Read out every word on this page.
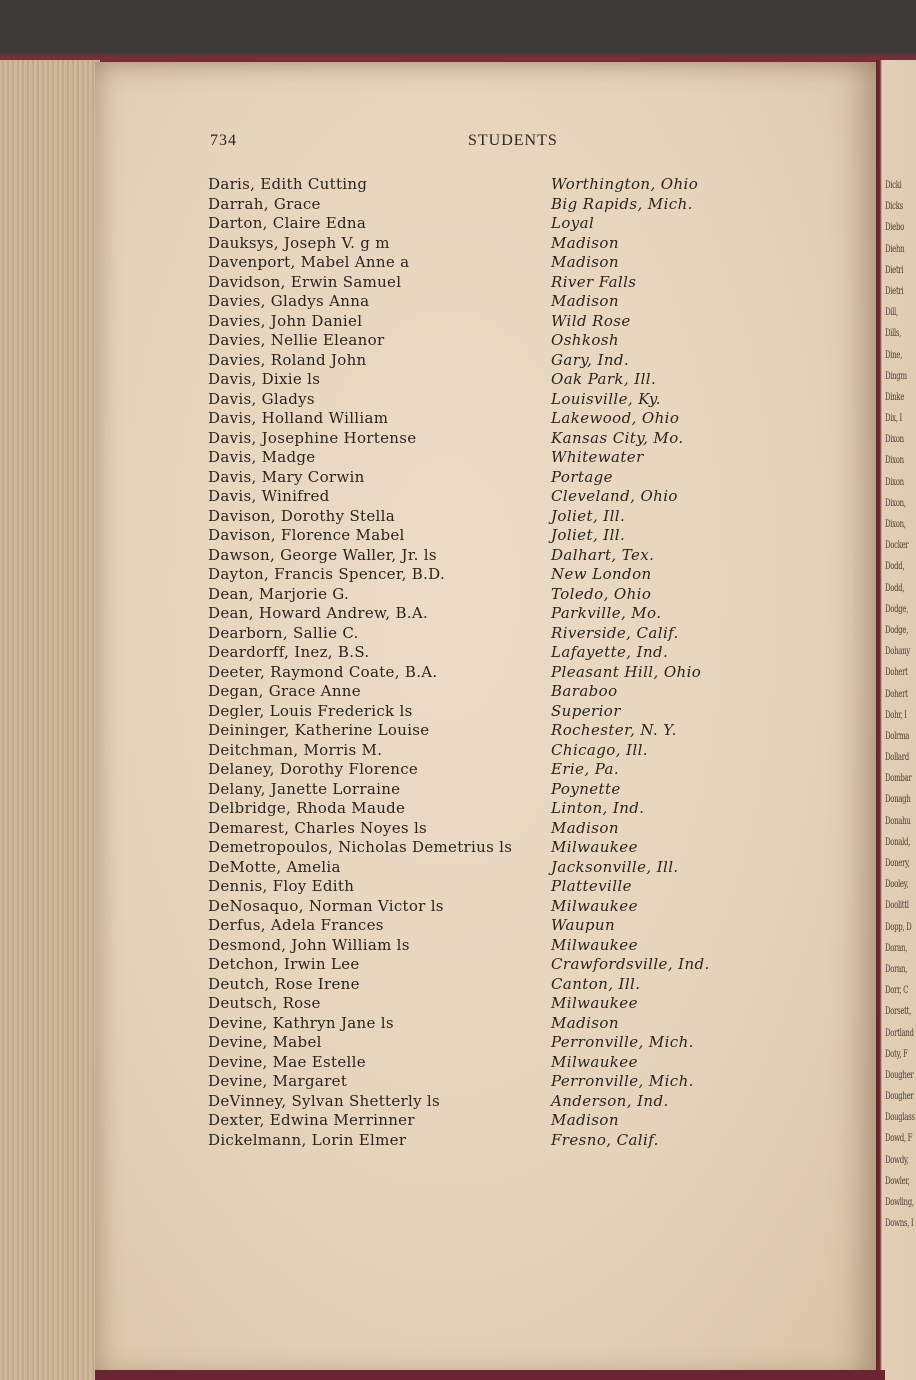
Dicki
Dicks
Diebo
Diehn
Dietri
Dietri
Dill,
Dills,
Dine,
Dingm
Dinke
Dix, I
Dixon
Dixon
Dixon
Dixon,
Dixon,
Docker
Dodd,
Dodd,
Dodge,
Dodge,
Dohany
Dohert
Dohert
Dohr, I
Dolrma
Dollard
Dombar
Donagh
Donahu
Donald,
Donery,
Dooley,
Doolittl
Dopp, D
Doran,
Doran,
Dorr, C
Dorsett,
Dortland
Doty, F
Dougher
Dougher
Douglass
Dowd, F
Dowdy,
Dowler,
Dowling,
Downs, I
734	STUDENTS
Daris, Edith Cutting	Worthington, Ohio
Darrah, Grace	Big Rapids, Mich.
Darton, Claire Edna	Loyal
Dauksys, Joseph V. g m	Madison
Davenport, Mabel Anne a	Madison
Davidson, Erwin Samuel	River Falls
Davies, Gladys Anna	Madison
Davies, John Daniel	Wild Rose
Davies, Nellie Eleanor	Oshkosh
Davies, Roland John	Gary, Ind.
Davis, Dixie ls	Oak Park, Ill.
Davis, Gladys	Louisville, Ky.
Davis, Holland William	Lakewood, Ohio
Davis, Josephine Hortense	Kansas City, Mo.
Davis, Madge	Whitewater
Davis, Mary Corwin	Portage
Davis, Winifred	Cleveland, Ohio
Davison, Dorothy Stella	Joliet, Ill.
Davison, Florence Mabel	Joliet, Ill.
Dawson, George Waller, Jr. ls	Dalhart, Tex.
Dayton, Francis Spencer, B.D.	New London
Dean, Marjorie G.	Toledo, Ohio
Dean, Howard Andrew, B.A.	Parkville, Mo.
Dearborn, Sallie C.	Riverside, Calif.
Deardorff, Inez, B.S.	Lafayette, Ind.
Deeter, Raymond Coate, B.A.	Pleasant Hill, Ohio
Degan, Grace Anne	Baraboo
Degler, Louis Frederick ls	Superior
Deininger, Katherine Louise	Rochester, N. Y.
Deitchman, Morris M.	Chicago, Ill.
Delaney, Dorothy Florence	Erie, Pa.
Delany, Janette Lorraine	Poynette
Delbridge, Rhoda Maude	Linton, Ind.
Demarest, Charles Noyes ls	Madison
Demetropoulos, Nicholas Demetrius ls	Milwaukee
DeMotte, Amelia	Jacksonville, Ill.
Dennis, Floy Edith	Platteville
DeNosaquo, Norman Victor ls	Milwaukee
Derfus, Adela Frances	Waupun
Desmond, John William ls	Milwaukee
Detchon, Irwin Lee	Crawfordsville, Ind.
Deutch, Rose Irene	Canton, Ill.
Deutsch, Rose	Milwaukee
Devine, Kathryn Jane ls	Madison
Devine, Mabel	Perronville, Mich.
Devine, Mae Estelle	Milwaukee
Devine, Margaret	Perronville, Mich.
DeVinney, Sylvan Shetterly ls	Anderson, Ind.
Dexter, Edwina Merrinner	Madison
Dickelmann, Lorin Elmer	Fresno, Calif.
